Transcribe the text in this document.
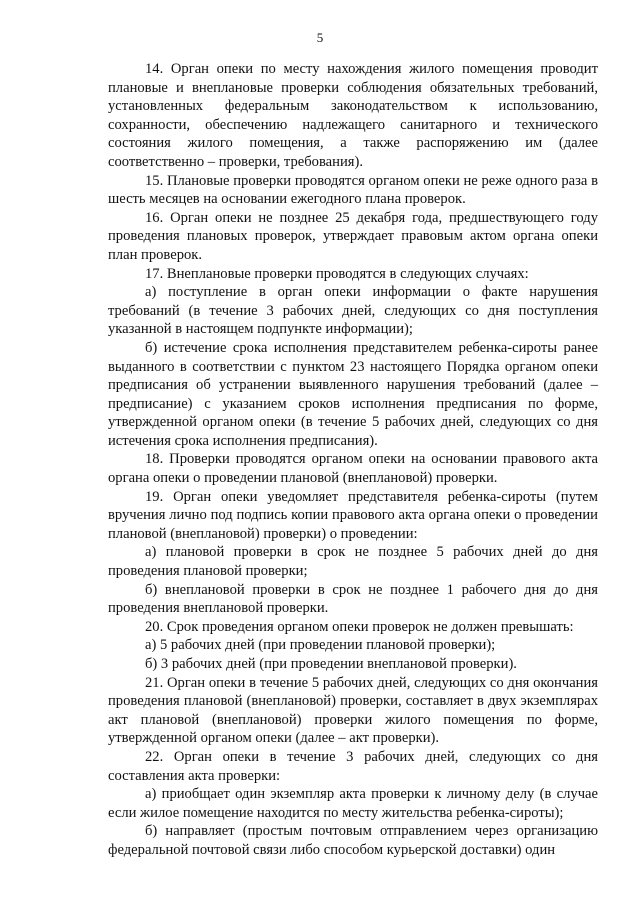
5

14. Орган опеки по месту нахождения жилого помещения проводит плановые и внеплановые проверки соблюдения обязательных требований, установленных федеральным законодательством к использованию, сохранности, обеспечению надлежащего санитарного и технического состояния жилого помещения, а также распоряжению им (далее соответственно – проверки, требования).

15. Плановые проверки проводятся органом опеки не реже одного раза в шесть месяцев на основании ежегодного плана проверок.

16. Орган опеки не позднее 25 декабря года, предшествующего году проведения плановых проверок, утверждает правовым актом органа опеки план проверок.

17. Внеплановые проверки проводятся в следующих случаях:

а) поступление в орган опеки информации о факте нарушения требований (в течение 3 рабочих дней, следующих со дня поступления указанной в настоящем подпункте информации);

б) истечение срока исполнения представителем ребенка-сироты ранее выданного в соответствии с пунктом 23 настоящего Порядка органом опеки предписания об устранении выявленного нарушения требований (далее – предписание) с указанием сроков исполнения предписания по форме, утвержденной органом опеки (в течение 5 рабочих дней, следующих со дня истечения срока исполнения предписания).

18. Проверки проводятся органом опеки на основании правового акта органа опеки о проведении плановой (внеплановой) проверки.

19. Орган опеки уведомляет представителя ребенка-сироты (путем вручения лично под подпись копии правового акта органа опеки о проведении плановой (внеплановой) проверки) о проведении:

а) плановой проверки в срок не позднее 5 рабочих дней до дня проведения плановой проверки;

б) внеплановой проверки в срок не позднее 1 рабочего дня до дня проведения внеплановой проверки.

20. Срок проведения органом опеки проверок не должен превышать:

а) 5 рабочих дней (при проведении плановой проверки);

б) 3 рабочих дней (при проведении внеплановой проверки).

21. Орган опеки в течение 5 рабочих дней, следующих со дня окончания проведения плановой (внеплановой) проверки, составляет в двух экземплярах акт плановой (внеплановой) проверки жилого помещения по форме, утвержденной органом опеки (далее – акт проверки).

22. Орган опеки в течение 3 рабочих дней, следующих со дня составления акта проверки:

а) приобщает один экземпляр акта проверки к личному делу (в случае если жилое помещение находится по месту жительства ребенка-сироты);

б) направляет (простым почтовым отправлением через организацию федеральной почтовой связи либо способом курьерской доставки) один
